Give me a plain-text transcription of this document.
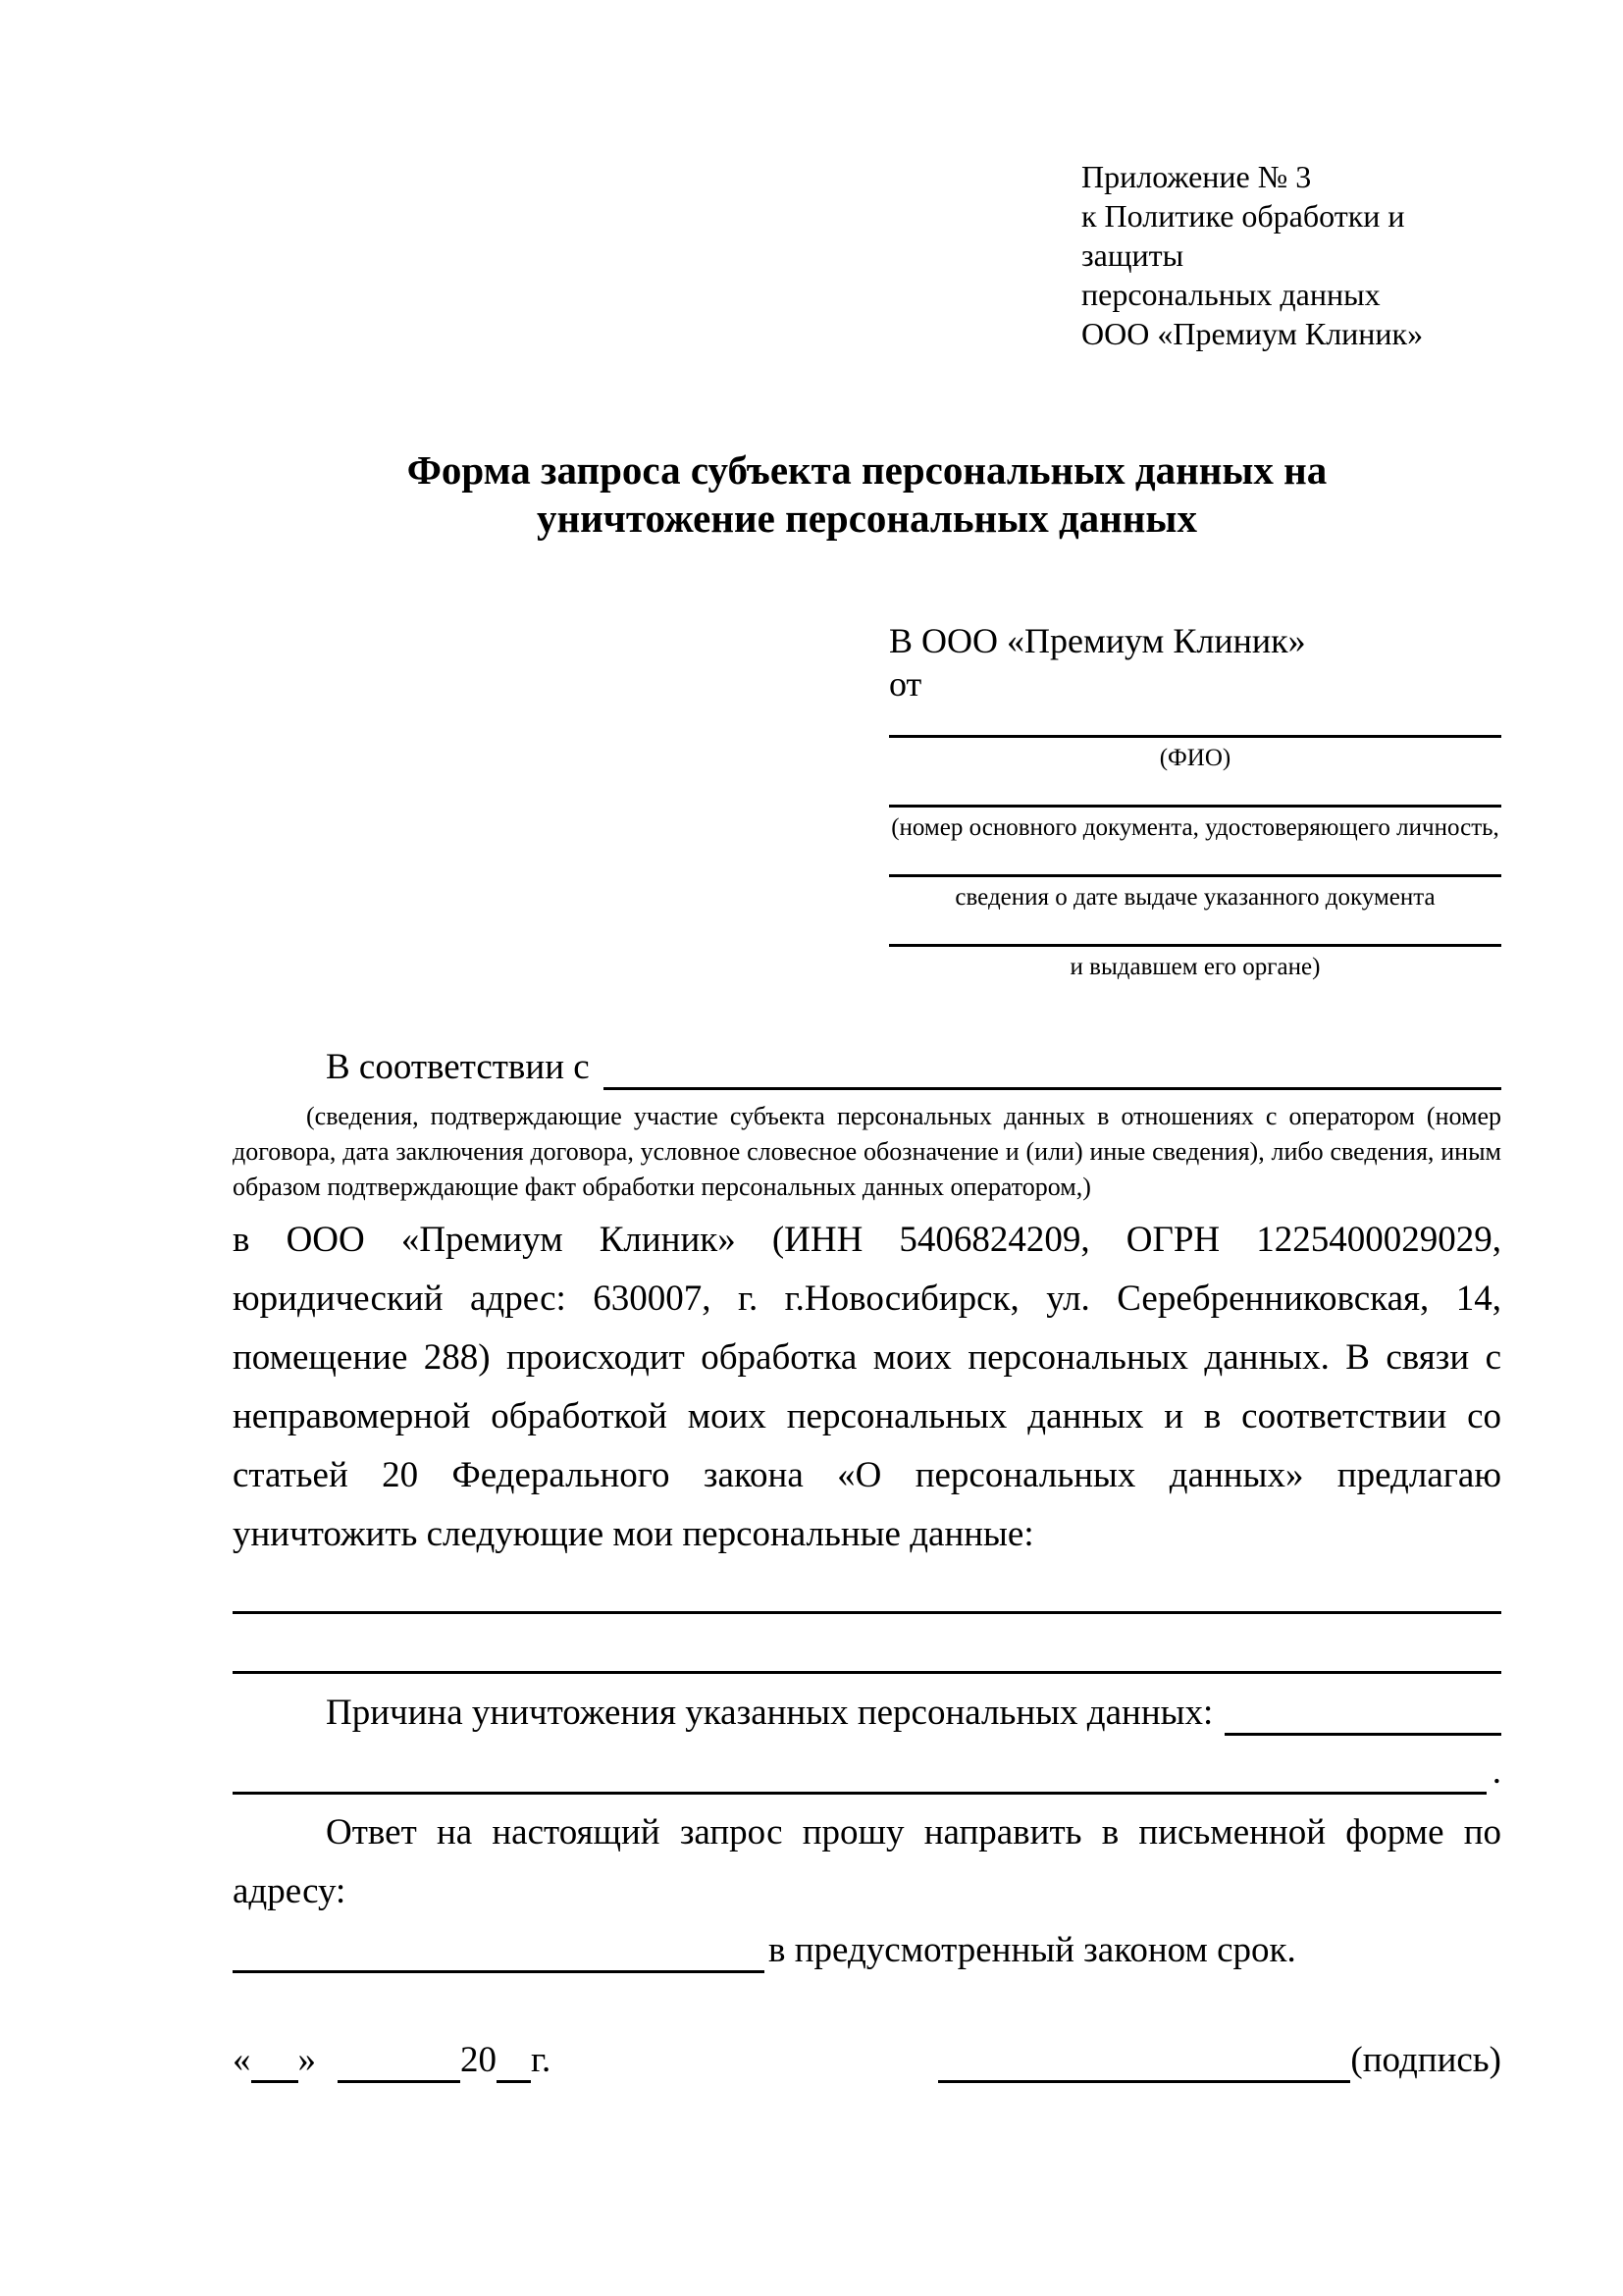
Приложение № 3
к Политике обработки и защиты
персональных данных
ООО «Премиум Клиник»
Форма запроса субъекта персональных данных на уничтожение персональных данных
В ООО «Премиум Клиник»
от
(ФИО)
(номер основного документа, удостоверяющего личность,
сведения о дате выдаче указанного документа
и выдавшем его органе)
В соответствии с

(сведения, подтверждающие участие субъекта персональных данных в отношениях с оператором (номер договора, дата заключения договора, условное словесное обозначение и (или) иные сведения), либо сведения, иным образом подтверждающие факт обработки персональных данных оператором,)

в ООО «Премиум Клиник» (ИНН 5406824209, ОГРН 1225400029029, юридический адрес: 630007, г. г.Новосибирск, ул. Серебренниковская, 14, помещение 288) происходит обработка моих персональных данных. В связи с неправомерной обработкой моих персональных данных и в соответствии со статьей 20 Федерального закона «О персональных данных» предлагаю уничтожить следующие мои персональные данные:

Причина уничтожения указанных персональных данных:
.
Ответ на настоящий запрос прошу направить в письменной форме по адресу:
в предусмотренный законом срок.
« »	20 г.	(подпись)
